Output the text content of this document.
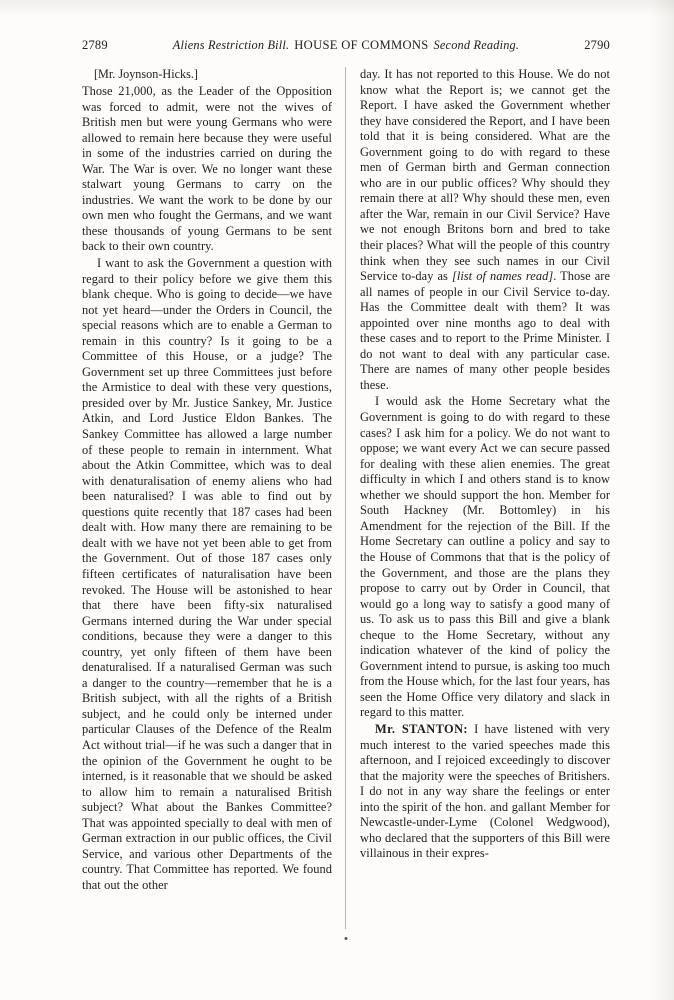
2789	Aliens Restriction Bill. HOUSE OF COMMONS Second Reading.	2790
[Mr. Joynson-Hicks.]

Those 21,000, as the Leader of the Opposition was forced to admit, were not the wives of British men but were young Germans who were allowed to remain here because they were useful in some of the industries carried on during the War. The War is over. We no longer want these stalwart young Germans to carry on the industries. We want the work to be done by our own men who fought the Germans, and we want these thousands of young Germans to be sent back to their own country.

I want to ask the Government a question with regard to their policy before we give them this blank cheque. Who is going to decide—we have not yet heard—under the Orders in Council, the special reasons which are to enable a German to remain in this country? Is it going to be a Committee of this House, or a judge? The Government set up three Committees just before the Armistice to deal with these very questions, presided over by Mr. Justice Sankey, Mr. Justice Atkin, and Lord Justice Eldon Bankes. The Sankey Committee has allowed a large number of these people to remain in internment. What about the Atkin Committee, which was to deal with denaturalisation of enemy aliens who had been naturalised? I was able to find out by questions quite recently that 187 cases had been dealt with. How many there are remaining to be dealt with we have not yet been able to get from the Government. Out of those 187 cases only fifteen certificates of naturalisation have been revoked. The House will be astonished to hear that there have been fifty-six naturalised Germans interned during the War under special conditions, because they were a danger to this country, yet only fifteen of them have been denaturalised. If a naturalised German was such a danger to the country—remember that he is a British subject, with all the rights of a British subject, and he could only be interned under particular Clauses of the Defence of the Realm Act without trial—if he was such a danger that in the opinion of the Government he ought to be interned, is it reasonable that we should be asked to allow him to remain a naturalised British subject? What about the Bankes Committee? That was appointed specially to deal with men of German extraction in our public offices, the Civil Service, and various other Departments of the country. That Committee has reported. We found that out the other

day. It has not reported to this House. We do not know what the Report is; we cannot get the Report. I have asked the Government whether they have considered the Report, and I have been told that it is being considered. What are the Government going to do with regard to these men of German birth and German connection who are in our public offices? Why should they remain there at all? Why should these men, even after the War, remain in our Civil Service? Have we not enough Britons born and bred to take their places? What will the people of this country think when they see such names in our Civil Service to-day as [list of names read]. Those are all names of people in our Civil Service to-day. Has the Committee dealt with them? It was appointed over nine months ago to deal with these cases and to report to the Prime Minister. I do not want to deal with any particular case. There are names of many other people besides these.

I would ask the Home Secretary what the Government is going to do with regard to these cases? I ask him for a policy. We do not want to oppose; we want every Act we can secure passed for dealing with these alien enemies. The great difficulty in which I and others stand is to know whether we should support the hon. Member for South Hackney (Mr. Bottomley) in his Amendment for the rejection of the Bill. If the Home Secretary can outline a policy and say to the House of Commons that that is the policy of the Government, and those are the plans they propose to carry out by Order in Council, that would go a long way to satisfy a good many of us. To ask us to pass this Bill and give a blank cheque to the Home Secretary, without any indication whatever of the kind of policy the Government intend to pursue, is asking too much from the House which, for the last four years, has seen the Home Office very dilatory and slack in regard to this matter.

Mr. STANTON: I have listened with very much interest to the varied speeches made this afternoon, and I rejoiced exceedingly to discover that the majority were the speeches of Britishers. I do not in any way share the feelings or enter into the spirit of the hon. and gallant Member for Newcastle-under-Lyme (Colonel Wedgwood), who declared that the supporters of this Bill were villainous in their expres-
